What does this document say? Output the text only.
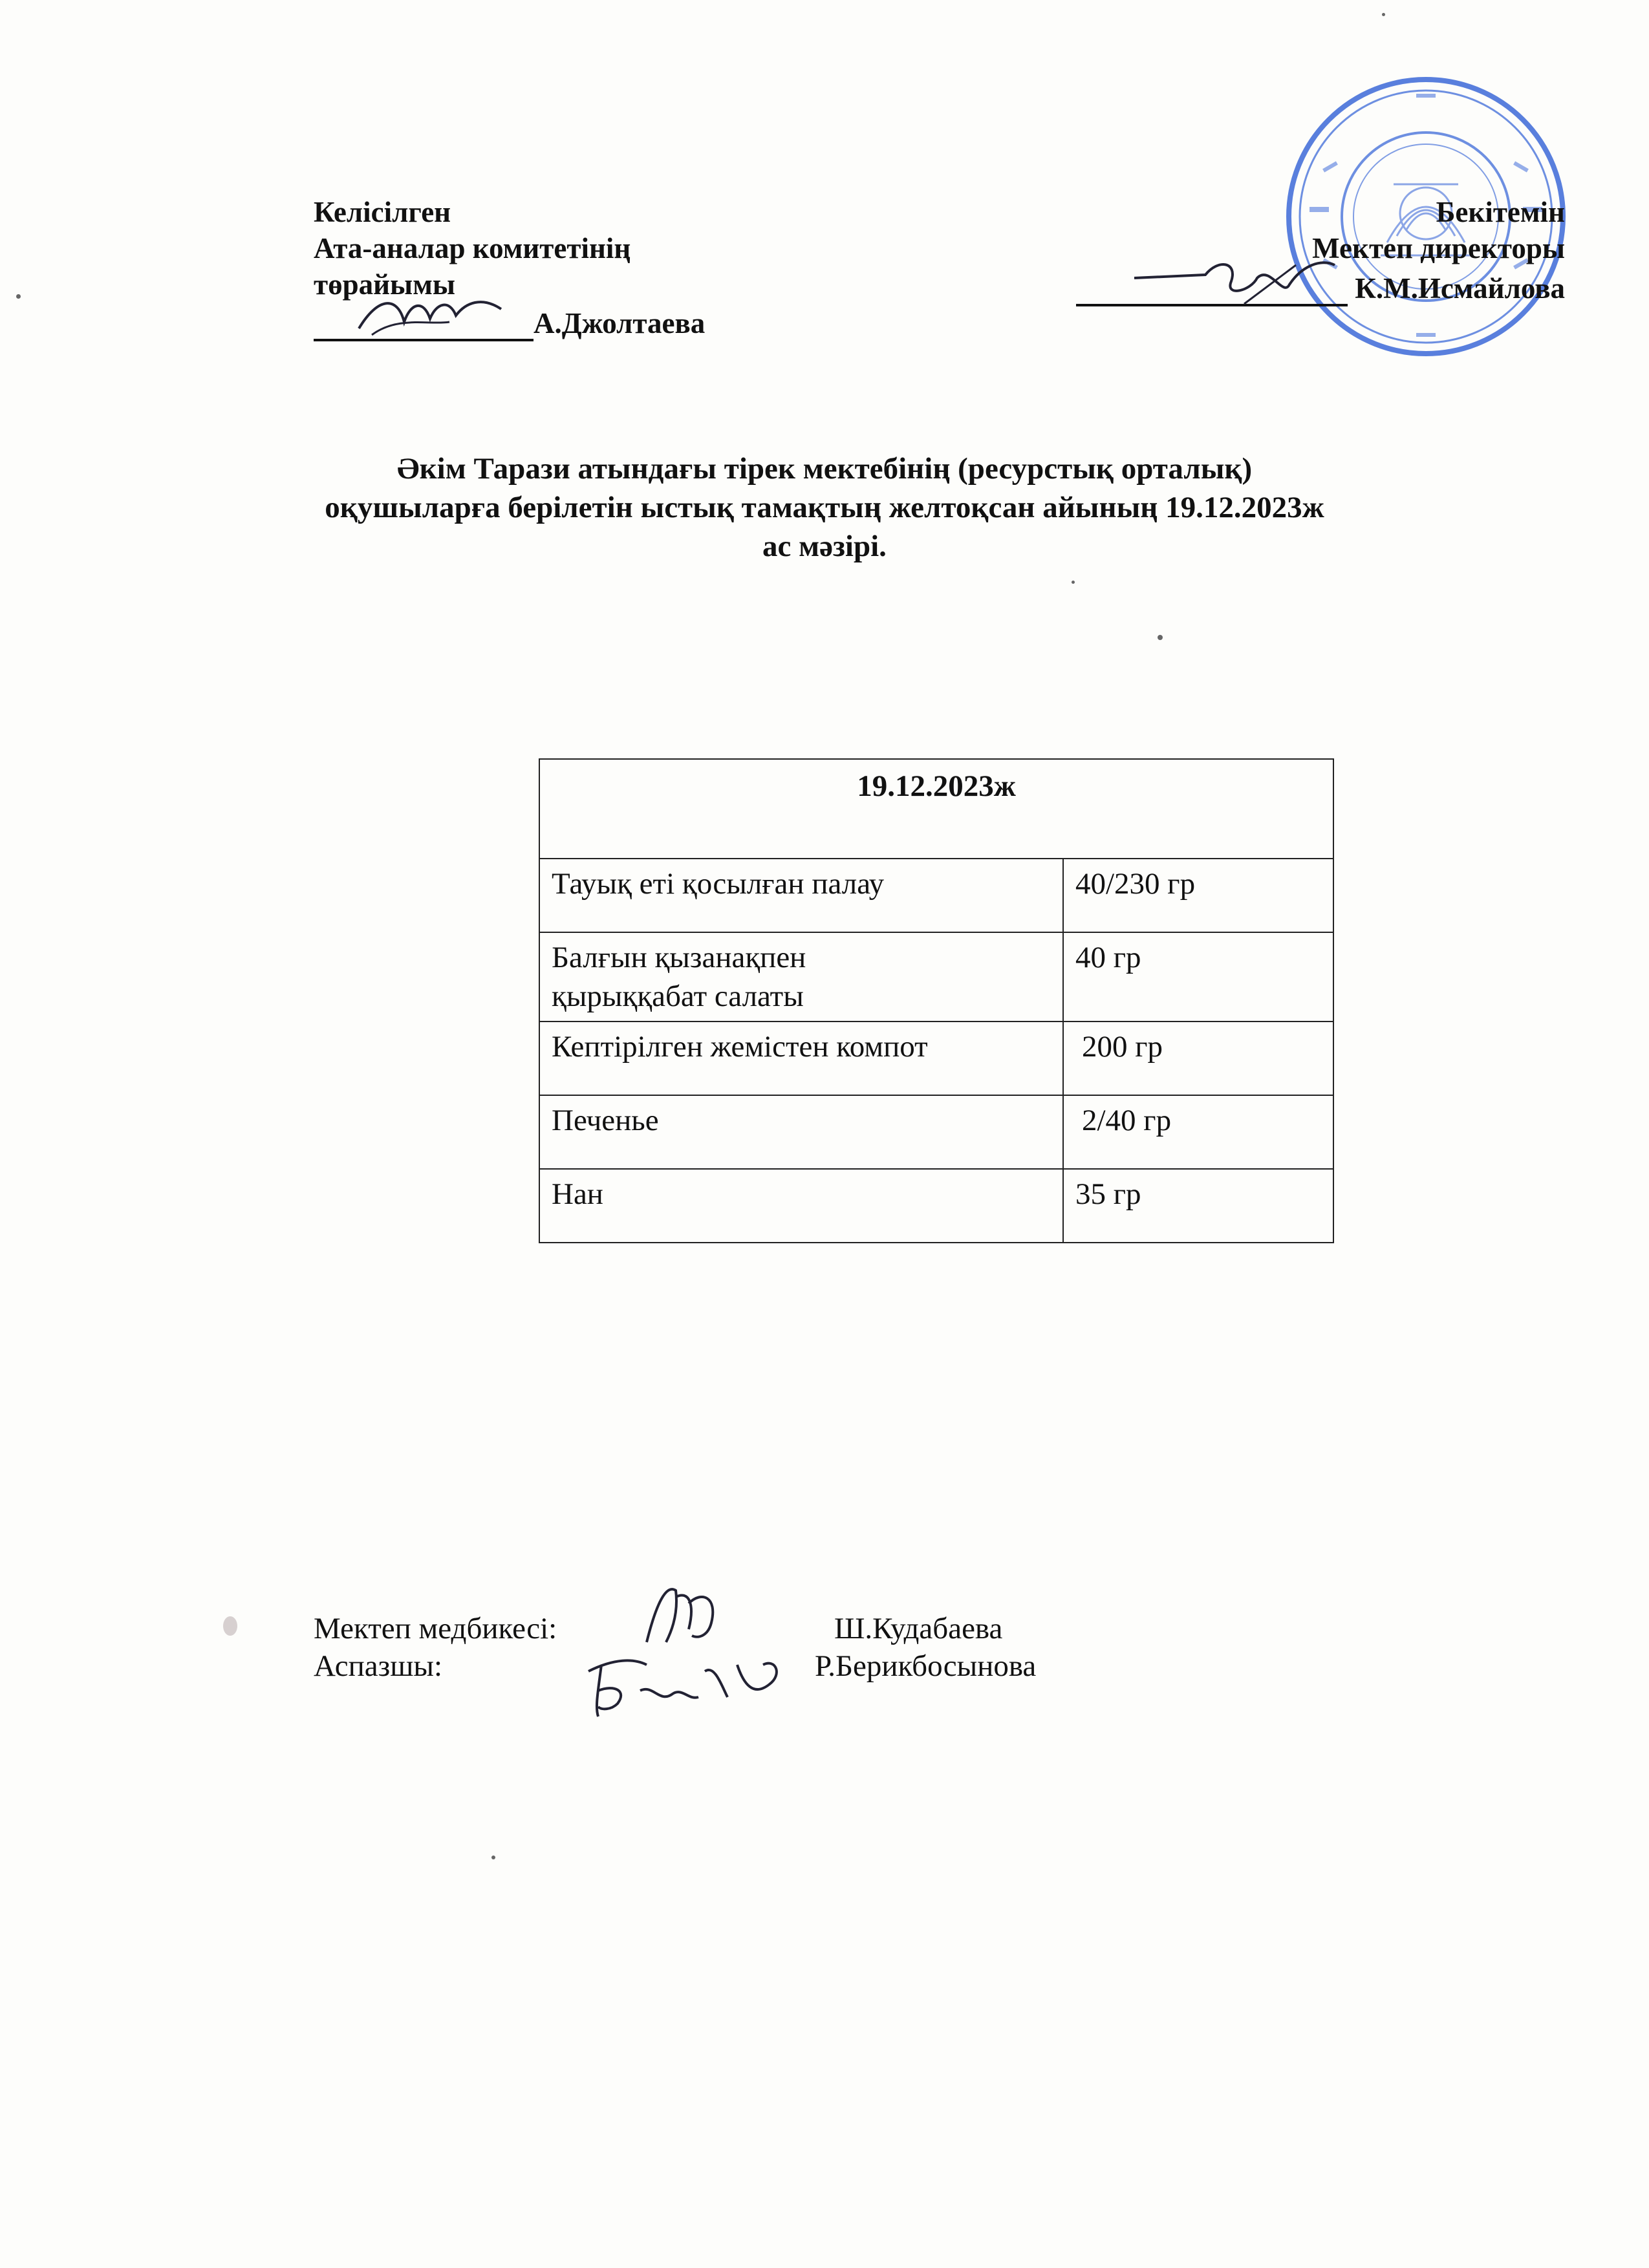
Келісілген
Ата-аналар комитетінің
төрайымы
А.Джолтаева
Бекітемін
Мектеп директоры
К.М.Исмайлова
Әкім Тарази атындағы тірек мектебінің (ресурстық орталық)
оқушыларға берілетін ыстық тамақтың желтоқсан айының 19.12.2023ж
ас мәзірі.
19.12.2023ж	
Тауық еті қосылған палау	40/230 гр
Балғын қызанақпен қырыққабат салаты	40 гр
Кептірілген жемістен компот	200 гр
Печенье	2/40 гр
Нан	35 гр
Мектеп медбикесі:	Ш.Кудабаева
Аспазшы:	Р.Берикбосынова
